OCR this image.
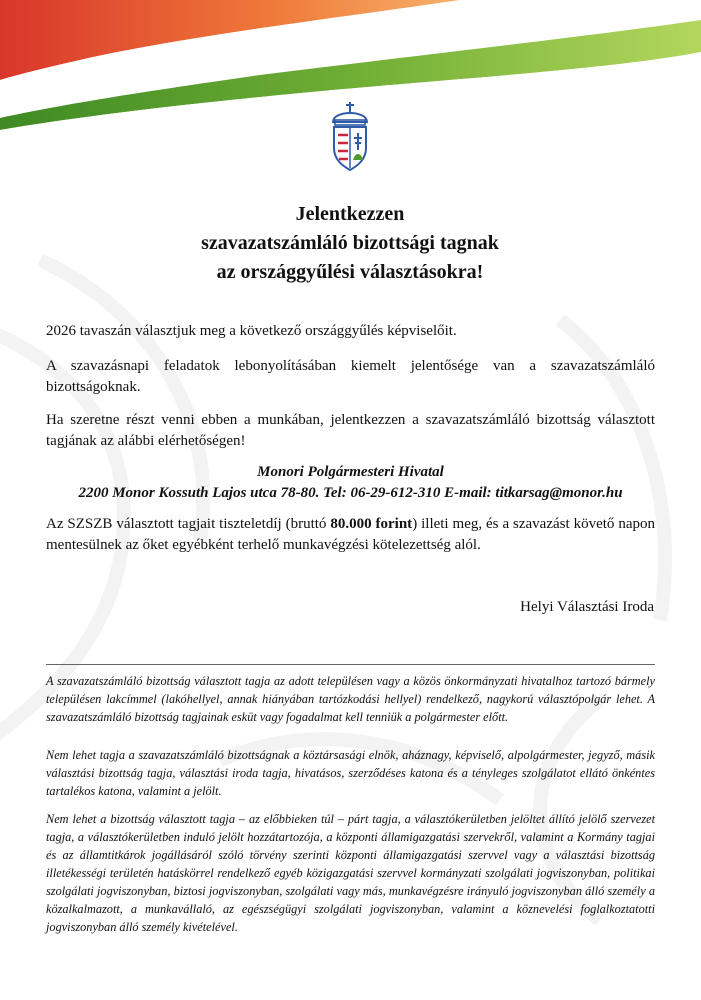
Jelentkezzen
szavazatszámláló bizottsági tagnak
az országgyűlési választásokra!
2026 tavaszán választjuk meg a következő országgyűlés képviselőit.
A szavazásnapi feladatok lebonyolításában kiemelt jelentősége van a szavazatszámláló bizottságoknak.
Ha szeretne részt venni ebben a munkában, jelentkezzen a szavazatszámláló bizottság választott tagjának az alábbi elérhetőségen!
Monori Polgármesteri Hivatal
2200 Monor Kossuth Lajos utca 78-80. Tel: 06-29-612-310 E-mail: titkarsag@monor.hu
Az SZSZB választott tagjait tiszteletdíj (bruttó 80.000 forint) illeti meg, és a szavazást követő napon mentesülnek az őket egyébként terhelő munkavégzési kötelezettség alól.
Helyi Választási Iroda
A szavazatszámláló bizottság választott tagja az adott településen vagy a közös önkormányzati hivatalhoz tartozó bármely településen lakcímmel (lakóhellyel, annak hiányában tartózkodási hellyel) rendelkező, nagykorú választópolgár lehet. A szavazatszámláló bizottság tagjainak esküt vagy fogadalmat kell tenniük a polgármester előtt.
Nem lehet tagja a szavazatszámláló bizottságnak a köztársasági elnök, aháznagy, képviselő, alpolgármester, jegyző, másik választási bizottság tagja, választási iroda tagja, hivatásos, szerződéses katona és a tényleges szolgálatot ellátó önkéntes tartalékos katona, valamint a jelölt.
Nem lehet a bizottság választott tagja – az előbbieken túl – párt tagja, a választókerületben jelöltet állító jelölő szervezet tagja, a választókerületben induló jelölt hozzátartozója, a központi államigazgatási szervekről, valamint a Kormány tagjai és az államtitkárok jogállásáról szóló törvény szerinti központi államigazgatási szervvel vagy a választási bizottság illetékességi területén hatáskörrel rendelkező egyéb közigazgatási szervvel kormányzati szolgálati jogviszonyban, politikai szolgálati jogviszonyban, biztosi jogviszonyban, szolgálati vagy más, munkavégzésre irányuló jogviszonyban álló személy a közalkalmazott, a munkavállaló, az egészségügyi szolgálati jogviszonyban, valamint a köznevelési foglalkoztatotti jogviszonyban álló személy kivételével.
